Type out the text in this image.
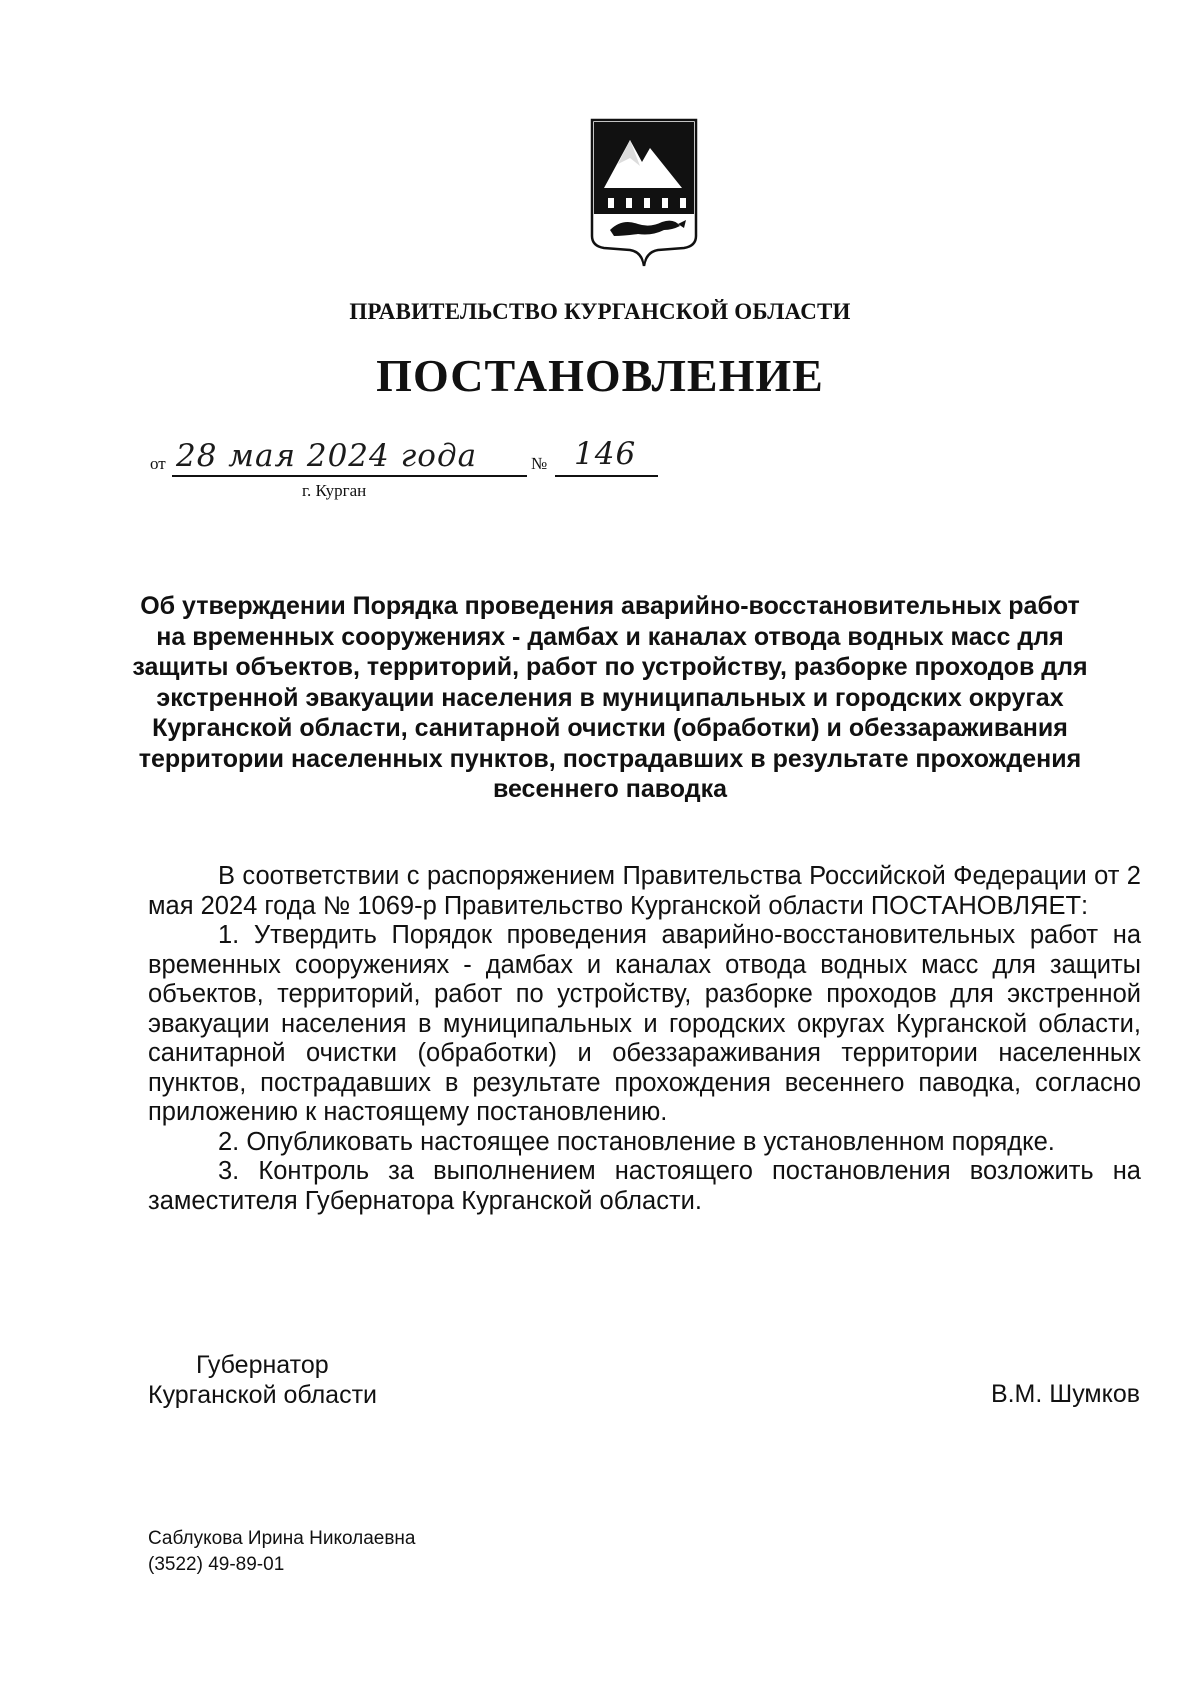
ПРАВИТЕЛЬСТВО КУРГАНСКОЙ ОБЛАСТИ
ПОСТАНОВЛЕНИЕ
от 28 мая 2024 года	№ 146
г. Курган
Об утверждении Порядка проведения аварийно-восстановительных работ на временных сооружениях - дамбах и каналах отвода водных масс для защиты объектов, территорий, работ по устройству, разборке проходов для экстренной эвакуации населения в муниципальных и городских округах Курганской области, санитарной очистки (обработки) и обеззараживания территории населенных пунктов, пострадавших в результате прохождения весеннего паводка

В соответствии с распоряжением Правительства Российской Федерации от 2 мая 2024 года № 1069-р Правительство Курганской области ПОСТАНОВЛЯЕТ:

1. Утвердить Порядок проведения аварийно-восстановительных работ на временных сооружениях - дамбах и каналах отвода водных масс для защиты объектов, территорий, работ по устройству, разборке проходов для экстренной эвакуации населения в муниципальных и городских округах Курганской области, санитарной очистки (обработки) и обеззараживания территории населенных пунктов, пострадавших в результате прохождения весеннего паводка, согласно приложению к настоящему постановлению.

2. Опубликовать настоящее постановление в установленном порядке.

3. Контроль за выполнением настоящего постановления возложить на заместителя Губернатора Курганской области.

Губернатор
Курганской области	В.М. Шумков
Саблукова Ирина Николаевна
(3522) 49-89-01
